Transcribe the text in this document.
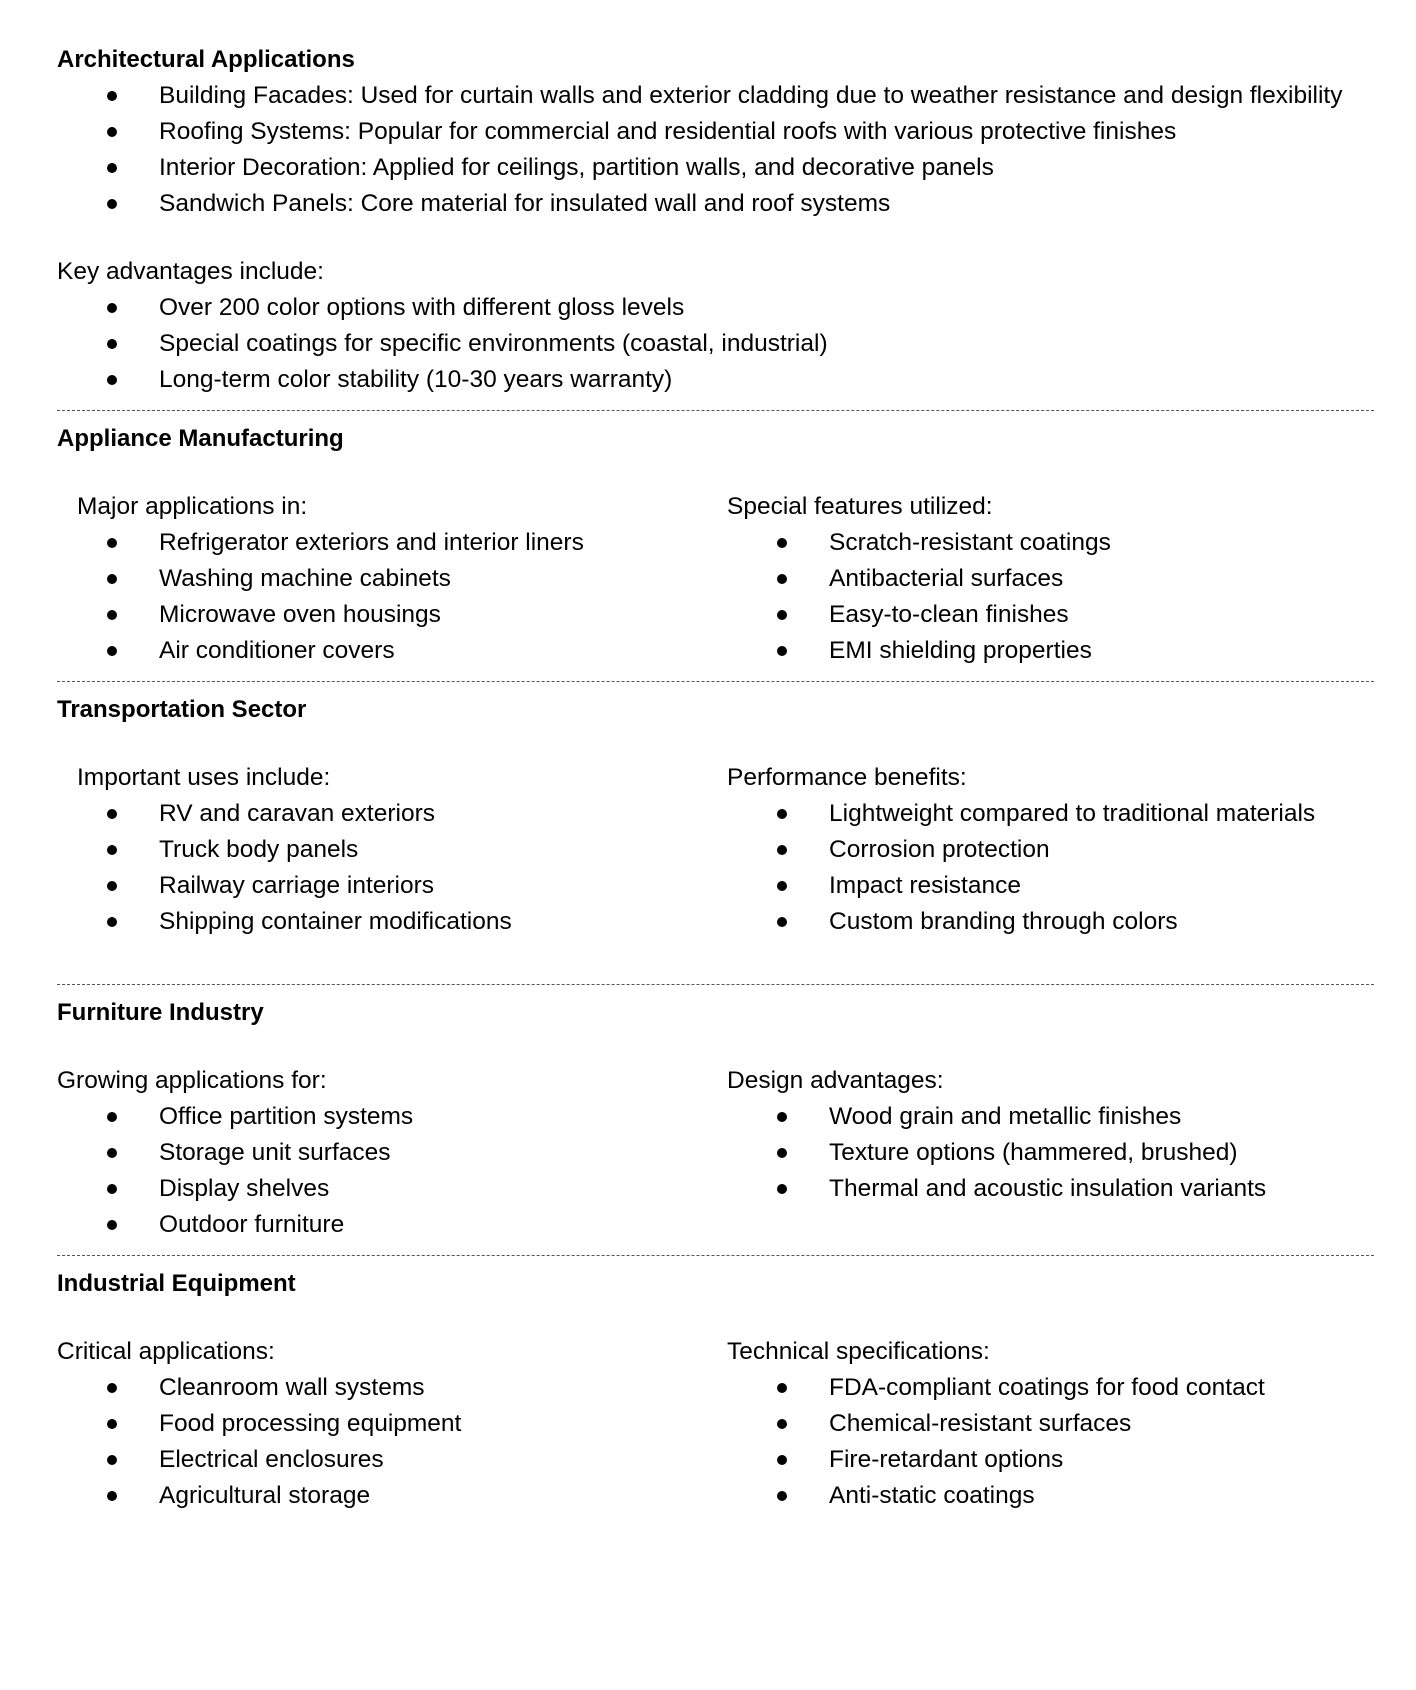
Architectural Applications
Building Facades: Used for curtain walls and exterior cladding due to weather resistance and design flexibility
Roofing Systems: Popular for commercial and residential roofs with various protective finishes
Interior Decoration: Applied for ceilings, partition walls, and decorative panels
Sandwich Panels: Core material for insulated wall and roof systems
Key advantages include:
Over 200 color options with different gloss levels
Special coatings for specific environments (coastal, industrial)
Long-term color stability (10-30 years warranty)
Appliance Manufacturing
Major applications in:
Refrigerator exteriors and interior liners
Washing machine cabinets
Microwave oven housings
Air conditioner covers
Special features utilized:
Scratch-resistant coatings
Antibacterial surfaces
Easy-to-clean finishes
EMI shielding properties
Transportation Sector
Important uses include:
RV and caravan exteriors
Truck body panels
Railway carriage interiors
Shipping container modifications
Performance benefits:
Lightweight compared to traditional materials
Corrosion protection
Impact resistance
Custom branding through colors
Furniture Industry
Growing applications for:
Office partition systems
Storage unit surfaces
Display shelves
Outdoor furniture
Design advantages:
Wood grain and metallic finishes
Texture options (hammered, brushed)
Thermal and acoustic insulation variants
Industrial Equipment
Critical applications:
Cleanroom wall systems
Food processing equipment
Electrical enclosures
Agricultural storage
Technical specifications:
FDA-compliant coatings for food contact
Chemical-resistant surfaces
Fire-retardant options
Anti-static coatings
